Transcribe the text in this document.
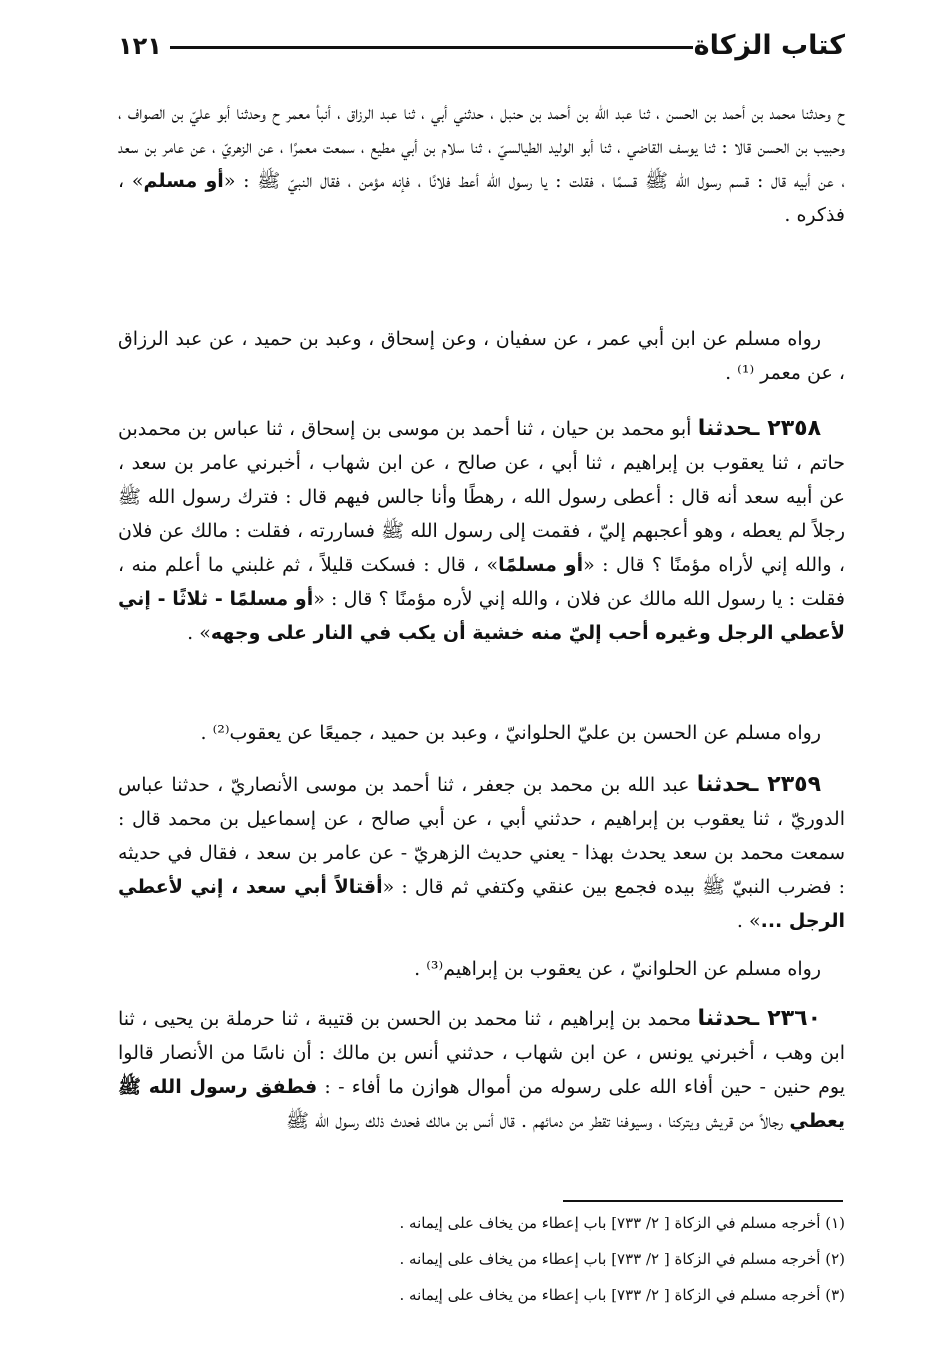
كتاب الزكاة
١٢١
ح وحدثنا محمد بن أحمد بن الحسن ، ثنا عبد الله بن أحمد بن حنبل ، حدثني أبي ، ثنا عبد الرزاق ، أنبأ معمر ح وحدثنا أبو عليّ بن الصواف ، وحبيب بن الحسن قالا : ثنا يوسف القاضي ، ثنا أبو الوليد الطيالسيّ ، ثنا سلام بن أبي مطيع ، سمعت معمرًا ، عن الزهريّ ، عن عامر بن سعد ، عن أبيه قال : قسم رسول الله ﷺ قسمًا ، فقلت : يا رسول الله أعط فلانًا ، فإنه مؤمن ، فقال النبيّ ﷺ : «أو مسلم» ، فذكره .
رواه مسلم عن ابن أبي عمر ، عن سفيان ، وعن إسحاق ، وعبد بن حميد ، عن عبد الرزاق ، عن معمر ⁽¹⁾ .
٢٣٥٨ ـحدثنا أبو محمد بن حيان ، ثنا أحمد بن موسى بن إسحاق ، ثنا عباس بن محمدبن حاتم ، ثنا يعقوب بن إبراهيم ، ثنا أبي ، عن صالح ، عن ابن شهاب ، أخبرني عامر بن سعد ، عن أبيه سعد أنه قال : أعطى رسول الله ، رهطًا وأنا جالس فيهم قال : فترك رسول الله ﷺ رجلاً لم يعطه ، وهو أعجبهم إليّ ، فقمت إلى رسول الله ﷺ فساررته ، فقلت : مالك عن فلان ، والله إني لأراه مؤمنًا ؟ قال : «أو مسلمًا» ، قال : فسكت قليلاً ، ثم غلبني ما أعلم منه ، فقلت : يا رسول الله مالك عن فلان ، والله إني لأره مؤمنًا ؟ قال : «أو مسلمًا - ثلاثًا - إني لأعطي الرجل وغيره أحب إليّ منه خشية أن يكب في النار على وجهه» .
رواه مسلم عن الحسن بن عليّ الحلوانيّ ، وعبد بن حميد ، جميعًا عن يعقوب⁽²⁾ .
٢٣٥٩ ـحدثنا عبد الله بن محمد بن جعفر ، ثنا أحمد بن موسى الأنصاريّ ، حدثنا عباس الدوريّ ، ثنا يعقوب بن إبراهيم ، حدثني أبي ، عن أبي صالح ، عن إسماعيل بن محمد قال : سمعت محمد بن سعد يحدث بهذا - يعني حديث الزهريّ - عن عامر بن سعد ، فقال في حديثه : فضرب النبيّ ﷺ بيده فجمع بين عنقي وكتفي ثم قال : «أقتالاً أبي سعد ، إني لأعطي الرجل ...» .
رواه مسلم عن الحلوانيّ ، عن يعقوب بن إبراهيم⁽³⁾ .
٢٣٦٠ ـحدثنا محمد بن إبراهيم ، ثنا محمد بن الحسن بن قتيبة ، ثنا حرملة بن يحيى ، ثنا ابن وهب ، أخبرني يونس ، عن ابن شهاب ، حدثني أنس بن مالك : أن ناسًا من الأنصار قالوا يوم حنين - حين أفاء الله على رسوله من أموال هوازن ما أفاء - : فطفق رسول الله ﷺ يعطي رجالاً من قريش ويتركنا ، وسيوفنا تقطر من دمائهم . قال أنس بن مالك فحدث ذلك رسول الله ﷺ
(١) أخرجه مسلم في الزكاة [ ٢/ ٧٣٣] باب إعطاء من يخاف على إيمانه .
(٢) أخرجه مسلم في الزكاة [ ٢/ ٧٣٣] باب إعطاء من يخاف على إيمانه .
(٣) أخرجه مسلم في الزكاة [ ٢/ ٧٣٣] باب إعطاء من يخاف على إيمانه .
